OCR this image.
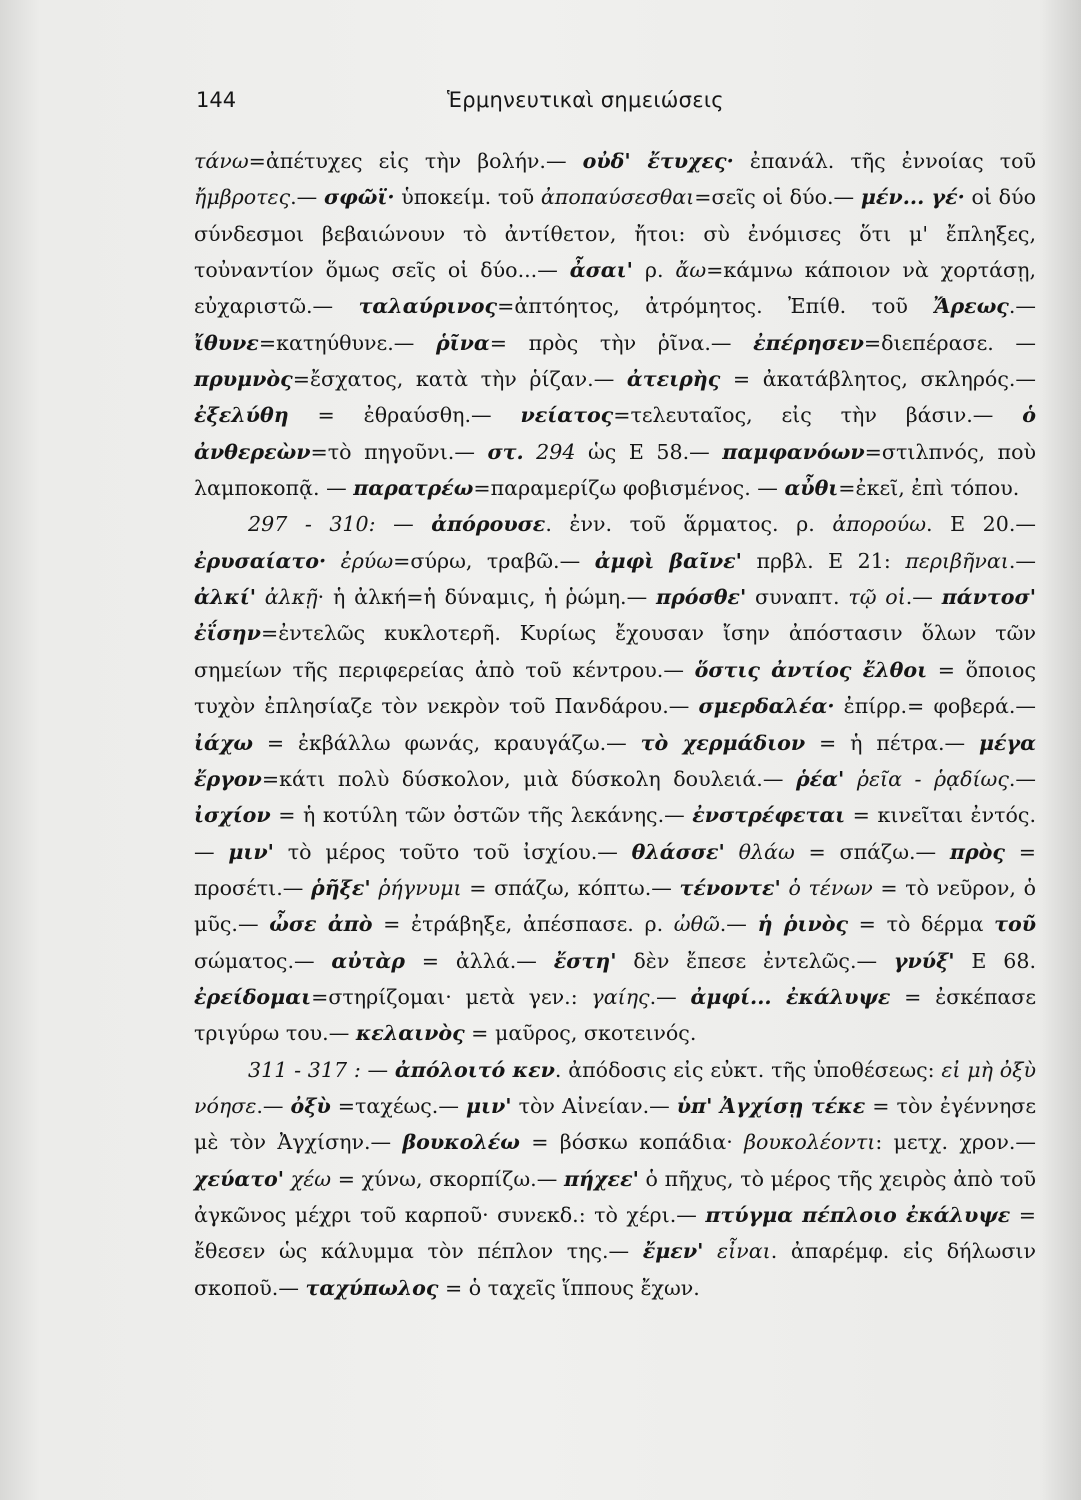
144	Ἑρμηνευτικαὶ σημειώσεις

τάνω=ἀπέτυχες εἰς τὴν βολήν.— οὐδ' ἔτυχες· ἐπανάλ. τῆς ἐννοίας τοῦ ἤμβροτες.— σφῶϊ· ὑποκείμ. τοῦ ἀποπαύσεσθαι=σεῖς οἱ δύο.— μέν... γέ· οἱ δύο σύνδεσμοι βεβαιώνουν τὸ ἀντίθετον, ἤτοι: σὺ ἐνόμισες ὅτι μ' ἔπληξες, τοὐναντίον ὅμως σεῖς οἱ δύο...— ἆσαι' ρ. ἄω=κάμνω κάποιον νὰ χορτάσῃ, εὐχαριστῶ.— ταλαύρινος=ἀπτόητος, ἀτρόμητος. Ἐπίθ. τοῦ Ἄρεως.— ἴθυνε=κατηύθυνε.— ῥῖνα= πρὸς τὴν ῥῖνα.— ἐπέρησεν=διεπέρασε. — πρυμνὸς=ἔσχατος, κατὰ τὴν ῥίζαν.— ἀτειρὴς = ἀκατάβλητος, σκληρός.— ἐξελύθη = ἐθραύσθη.— νείατος=τελευταῖος, εἰς τὴν βάσιν.— ὁ ἀνθερεὼν=τὸ πηγοῦνι.— στ. 294 ὡς Ε 58.— παμφανόων=στιλπνός, ποὺ λαμποκοπᾷ. — παρατρέω=παραμερίζω φοβισμένος. — αὖθι=ἐκεῖ, ἐπὶ τόπου.

297 - 310: — ἀπόρουσε. ἐνν. τοῦ ἅρματος. ρ. ἀπορούω. Ε 20.— ἐρυσαίατο· ἐρύω=σύρω, τραβῶ.— ἀμφὶ βαῖνε' πρβλ. Ε 21: περιβῆναι.— ἀλκί' ἀλκῇ· ἡ ἀλκή=ἡ δύναμις, ἡ ῥώμη.— πρόσθε' συναπτ. τῷ οἱ.— πάντοσ' ἐΐσην=ἐντελῶς κυκλοτερῆ. Κυρίως ἔχουσαν ἴσην ἀπόστασιν ὅλων τῶν σημείων τῆς περιφερείας ἀπὸ τοῦ κέντρου.— ὅστις ἀντίος ἔλθοι = ὅποιος τυχὸν ἐπλησίαζε τὸν νεκρὸν τοῦ Πανδάρου.— σμερδαλέα· ἐπίρρ.= φοβερά.— ἰάχω = ἐκβάλλω φωνάς, κραυγάζω.— τὸ χερμάδιον = ἡ πέτρα.— μέγα ἔργον=κάτι πολὺ δύσκολον, μιὰ δύσκολη δουλειά.— ῥέα' ῥεῖα - ῥᾳδίως.— ἰσχίον = ἡ κοτύλη τῶν ὀστῶν τῆς λεκάνης.— ἐνστρέφεται = κινεῖται ἐντός.— μιν' τὸ μέρος τοῦτο τοῦ ἰσχίου.— θλάσσε' θλάω = σπάζω.— πρὸς = προσέτι.— ῥῆξε' ῥήγνυμι = σπάζω, κόπτω.— τένοντε' ὁ τένων = τὸ νεῦρον, ὁ μῦς.— ὦσε ἀπὸ = ἐτράβηξε, ἀπέσπασε. ρ. ὠθῶ.— ἡ ῥινὸς = τὸ δέρμα τοῦ σώματος.— αὐτὰρ = ἀλλά.— ἔστη' δὲν ἔπεσε ἐντελῶς.— γνύξ' Ε 68. ἐρείδομαι=στηρίζομαι· μετὰ γεν.: γαίης.— ἀμφί... ἐκάλυψε = ἐσκέπασε τριγύρω του.— κελαινὸς = μαῦρος, σκοτεινός.

311 - 317 : — ἀπόλοιτό κεν. ἀπόδοσις εἰς εὐκτ. τῆς ὑποθέσεως: εἰ μὴ ὀξὺ νόησε.— ὀξὺ =ταχέως.— μιν' τὸν Αἰνείαν.— ὑπ' Ἀγχίσῃ τέκε = τὸν ἐγέννησε μὲ τὸν Ἀγχίσην.— βουκολέω = βόσκω κοπάδια· βουκολέοντι: μετχ. χρον.— χεύατο' χέω = χύνω, σκορπίζω.— πήχεε' ὁ πῆχυς, τὸ μέρος τῆς χειρὸς ἀπὸ τοῦ ἀγκῶνος μέχρι τοῦ καρποῦ· συνεκδ.: τὸ χέρι.— πτύγμα πέπλοιο ἐκάλυψε = ἔθεσεν ὡς κάλυμμα τὸν πέπλον της.— ἔμεν' εἶναι. ἀπαρέμφ. εἰς δήλωσιν σκοποῦ.— ταχύπωλος = ὁ ταχεῖς ἵππους ἔχων.
